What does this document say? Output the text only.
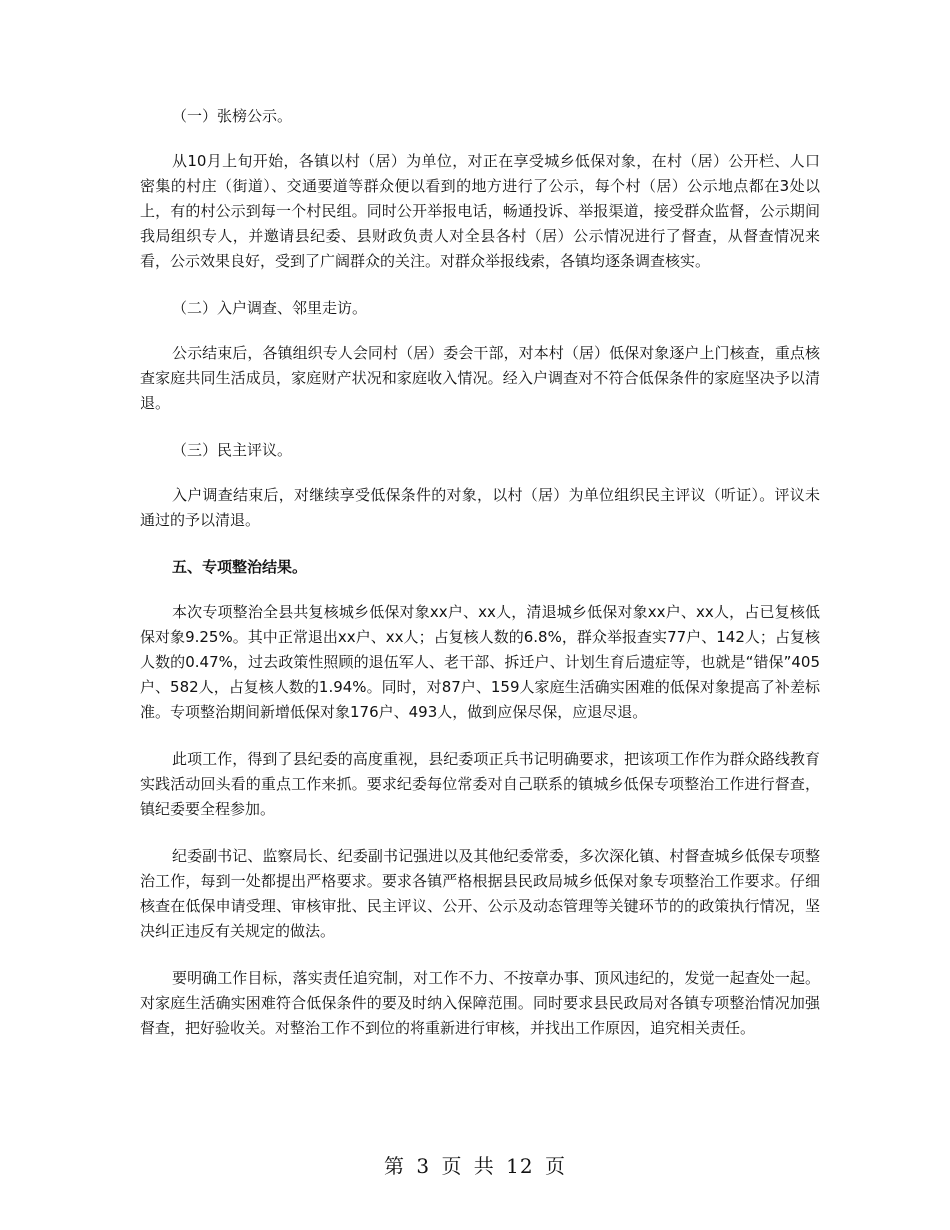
（一）张榜公示。

从10月上旬开始，各镇以村（居）为单位，对正在享受城乡低保对象，在村（居）公开栏、人口密集的村庄（街道）、交通要道等群众便以看到的地方进行了公示，每个村（居）公示地点都在3处以上，有的村公示到每一个村民组。同时公开举报电话，畅通投诉、举报渠道，接受群众监督，公示期间我局组织专人，并邀请县纪委、县财政负责人对全县各村（居）公示情况进行了督查，从督查情况来看，公示效果良好，受到了广阔群众的关注。对群众举报线索，各镇均逐条调查核实。

（二）入户调查、邻里走访。

公示结束后，各镇组织专人会同村（居）委会干部，对本村（居）低保对象逐户上门核查，重点核查家庭共同生活成员，家庭财产状况和家庭收入情况。经入户调查对不符合低保条件的家庭坚决予以清退。

（三）民主评议。

入户调查结束后，对继续享受低保条件的对象，以村（居）为单位组织民主评议（听证）。评议未通过的予以清退。

五、专项整治结果。

本次专项整治全县共复核城乡低保对象xx户、xx人，清退城乡低保对象xx户、xx人，占已复核低保对象9.25%。其中正常退出xx户、xx人；占复核人数的6.8%，群众举报查实77户、142人；占复核人数的0.47%，过去政策性照顾的退伍军人、老干部、拆迁户、计划生育后遗症等，也就是“错保”405户、582人，占复核人数的1.94%。同时，对87户、159人家庭生活确实困难的低保对象提高了补差标准。专项整治期间新增低保对象176户、493人，做到应保尽保，应退尽退。

此项工作，得到了县纪委的高度重视，县纪委项正兵书记明确要求，把该项工作作为群众路线教育实践活动回头看的重点工作来抓。要求纪委每位常委对自己联系的镇城乡低保专项整治工作进行督查，镇纪委要全程参加。

纪委副书记、监察局长、纪委副书记强进以及其他纪委常委，多次深化镇、村督查城乡低保专项整治工作，每到一处都提出严格要求。要求各镇严格根据县民政局城乡低保对象专项整治工作要求。仔细核查在低保申请受理、审核审批、民主评议、公开、公示及动态管理等关键环节的的政策执行情况，坚决纠正违反有关规定的做法。

要明确工作目标，落实责任追究制，对工作不力、不按章办事、顶风违纪的，发觉一起查处一起。对家庭生活确实困难符合低保条件的要及时纳入保障范围。同时要求县民政局对各镇专项整治情况加强督查，把好验收关。对整治工作不到位的将重新进行审核，并找出工作原因，追究相关责任。

第 3 页 共 12 页
